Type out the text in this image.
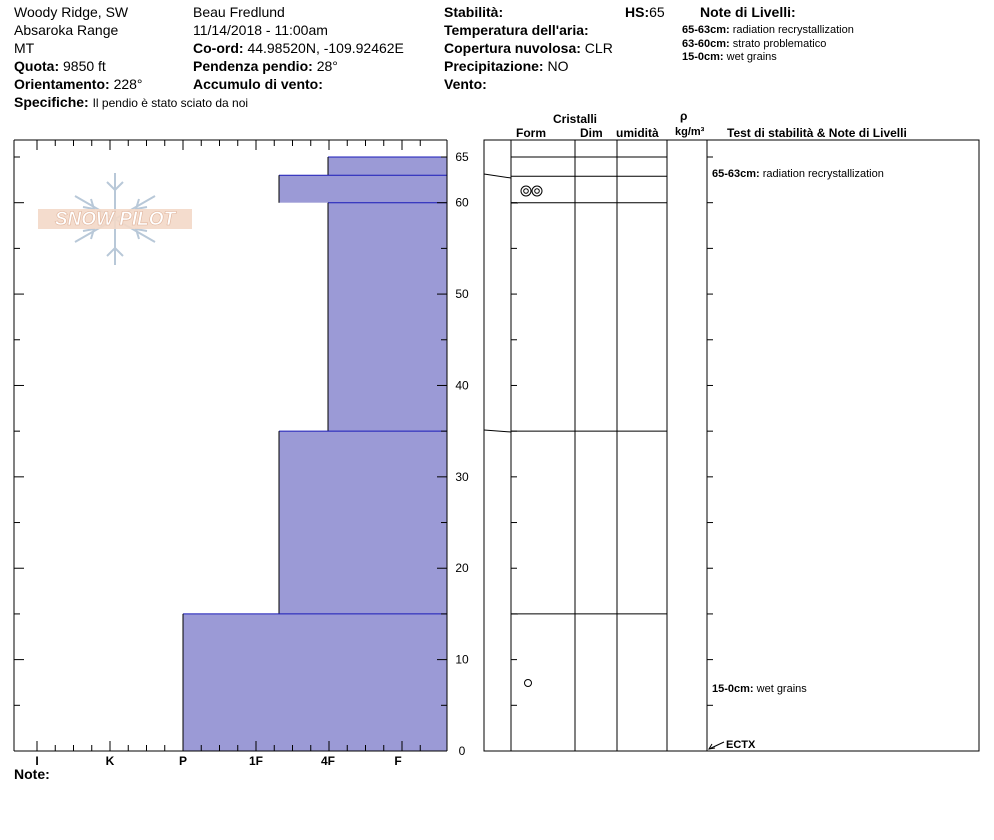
Woody Ridge, SW
Absaroka Range
MT
Quota: 9850 ft
Orientamento: 228°
Specifiche: Il pendio è stato sciato da noi
Beau Fredlund
11/14/2018 - 11:00am
Co-ord: 44.98520N, -109.92462E
Pendenza pendio: 28°
Accumulo di vento:
Stabilità:
Temperatura dell'aria:
Copertura nuvolosa: CLR
Precipitazione: NO
Vento:
HS:65	Note di Livelli:
65-63cm: radiation recrystallization
63-60cm: strato problematico
15-0cm: wet grains
Cristalli
Form	Dim umidità
ρ
kg/m³ Test di stabilità & Note di Livelli
65-63cm: radiation recrystallization
15-0cm: wet grains
ECTX
Note:
SNOW PILOT
0
10
20
30
40
50
60
65
I	K	P	1F	4F	F
